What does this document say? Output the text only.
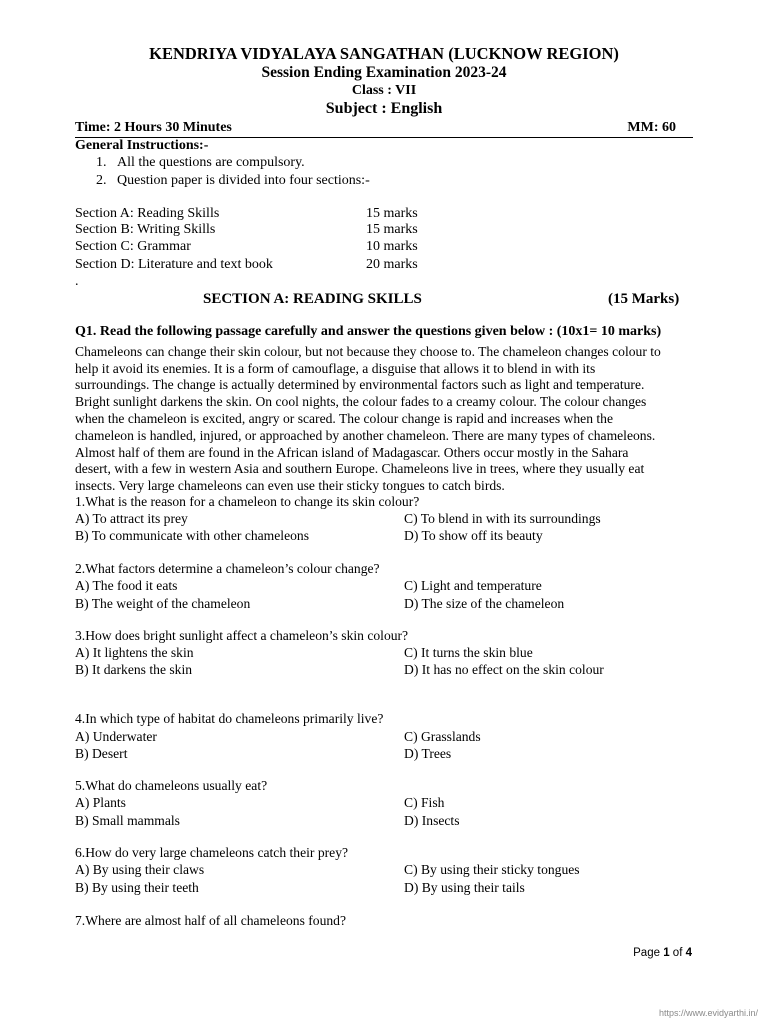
KENDRIYA VIDYALAYA SANGATHAN (LUCKNOW REGION)
Session Ending Examination 2023-24
Class : VII
Subject : English
Time: 2 Hours 30 Minutes	MM: 60
General Instructions:-
1. All the questions are compulsory.
2. Question paper is divided into four sections:-
Section A: Reading Skills	15 marks
Section B: Writing Skills	15 marks
Section C: Grammar	10 marks
Section D: Literature and text book	20 marks
.
SECTION A: READING SKILLS	(15 Marks)
Q1. Read the following passage carefully and answer the questions given below : (10x1= 10 marks)
Chameleons can change their skin colour, but not because they choose to. The chameleon changes colour to
help it avoid its enemies. It is a form of camouflage, a disguise that allows it to blend in with its
surroundings. The change is actually determined by environmental factors such as light and temperature.
Bright sunlight darkens the skin. On cool nights, the colour fades to a creamy colour. The colour changes
when the chameleon is excited, angry or scared. The colour change is rapid and increases when the
chameleon is handled, injured, or approached by another chameleon. There are many types of chameleons.
Almost half of them are found in the African island of Madagascar. Others occur mostly in the Sahara
desert, with a few in western Asia and southern Europe. Chameleons live in trees, where they usually eat
insects. Very large chameleons can even use their sticky tongues to catch birds.
1.What is the reason for a chameleon to change its skin colour?
A) To attract its prey	C) To blend in with its surroundings
B) To communicate with other chameleons	D) To show off its beauty
2.What factors determine a chameleon’s colour change?
A) The food it eats	C) Light and temperature
B) The weight of the chameleon	D) The size of the chameleon
3.How does bright sunlight affect a chameleon’s skin colour?
A) It lightens the skin	C) It turns the skin blue
B) It darkens the skin	D) It has no effect on the skin colour
4.In which type of habitat do chameleons primarily live?
A) Underwater	C) Grasslands
B) Desert	D) Trees
5.What do chameleons usually eat?
A) Plants	C) Fish
B) Small mammals	D) Insects
6.How do very large chameleons catch their prey?
A) By using their claws	C) By using their sticky tongues
B) By using their teeth	D) By using their tails
7.Where are almost half of all chameleons found?
Page 1 of 4
https://www.evidyarthi.in/
